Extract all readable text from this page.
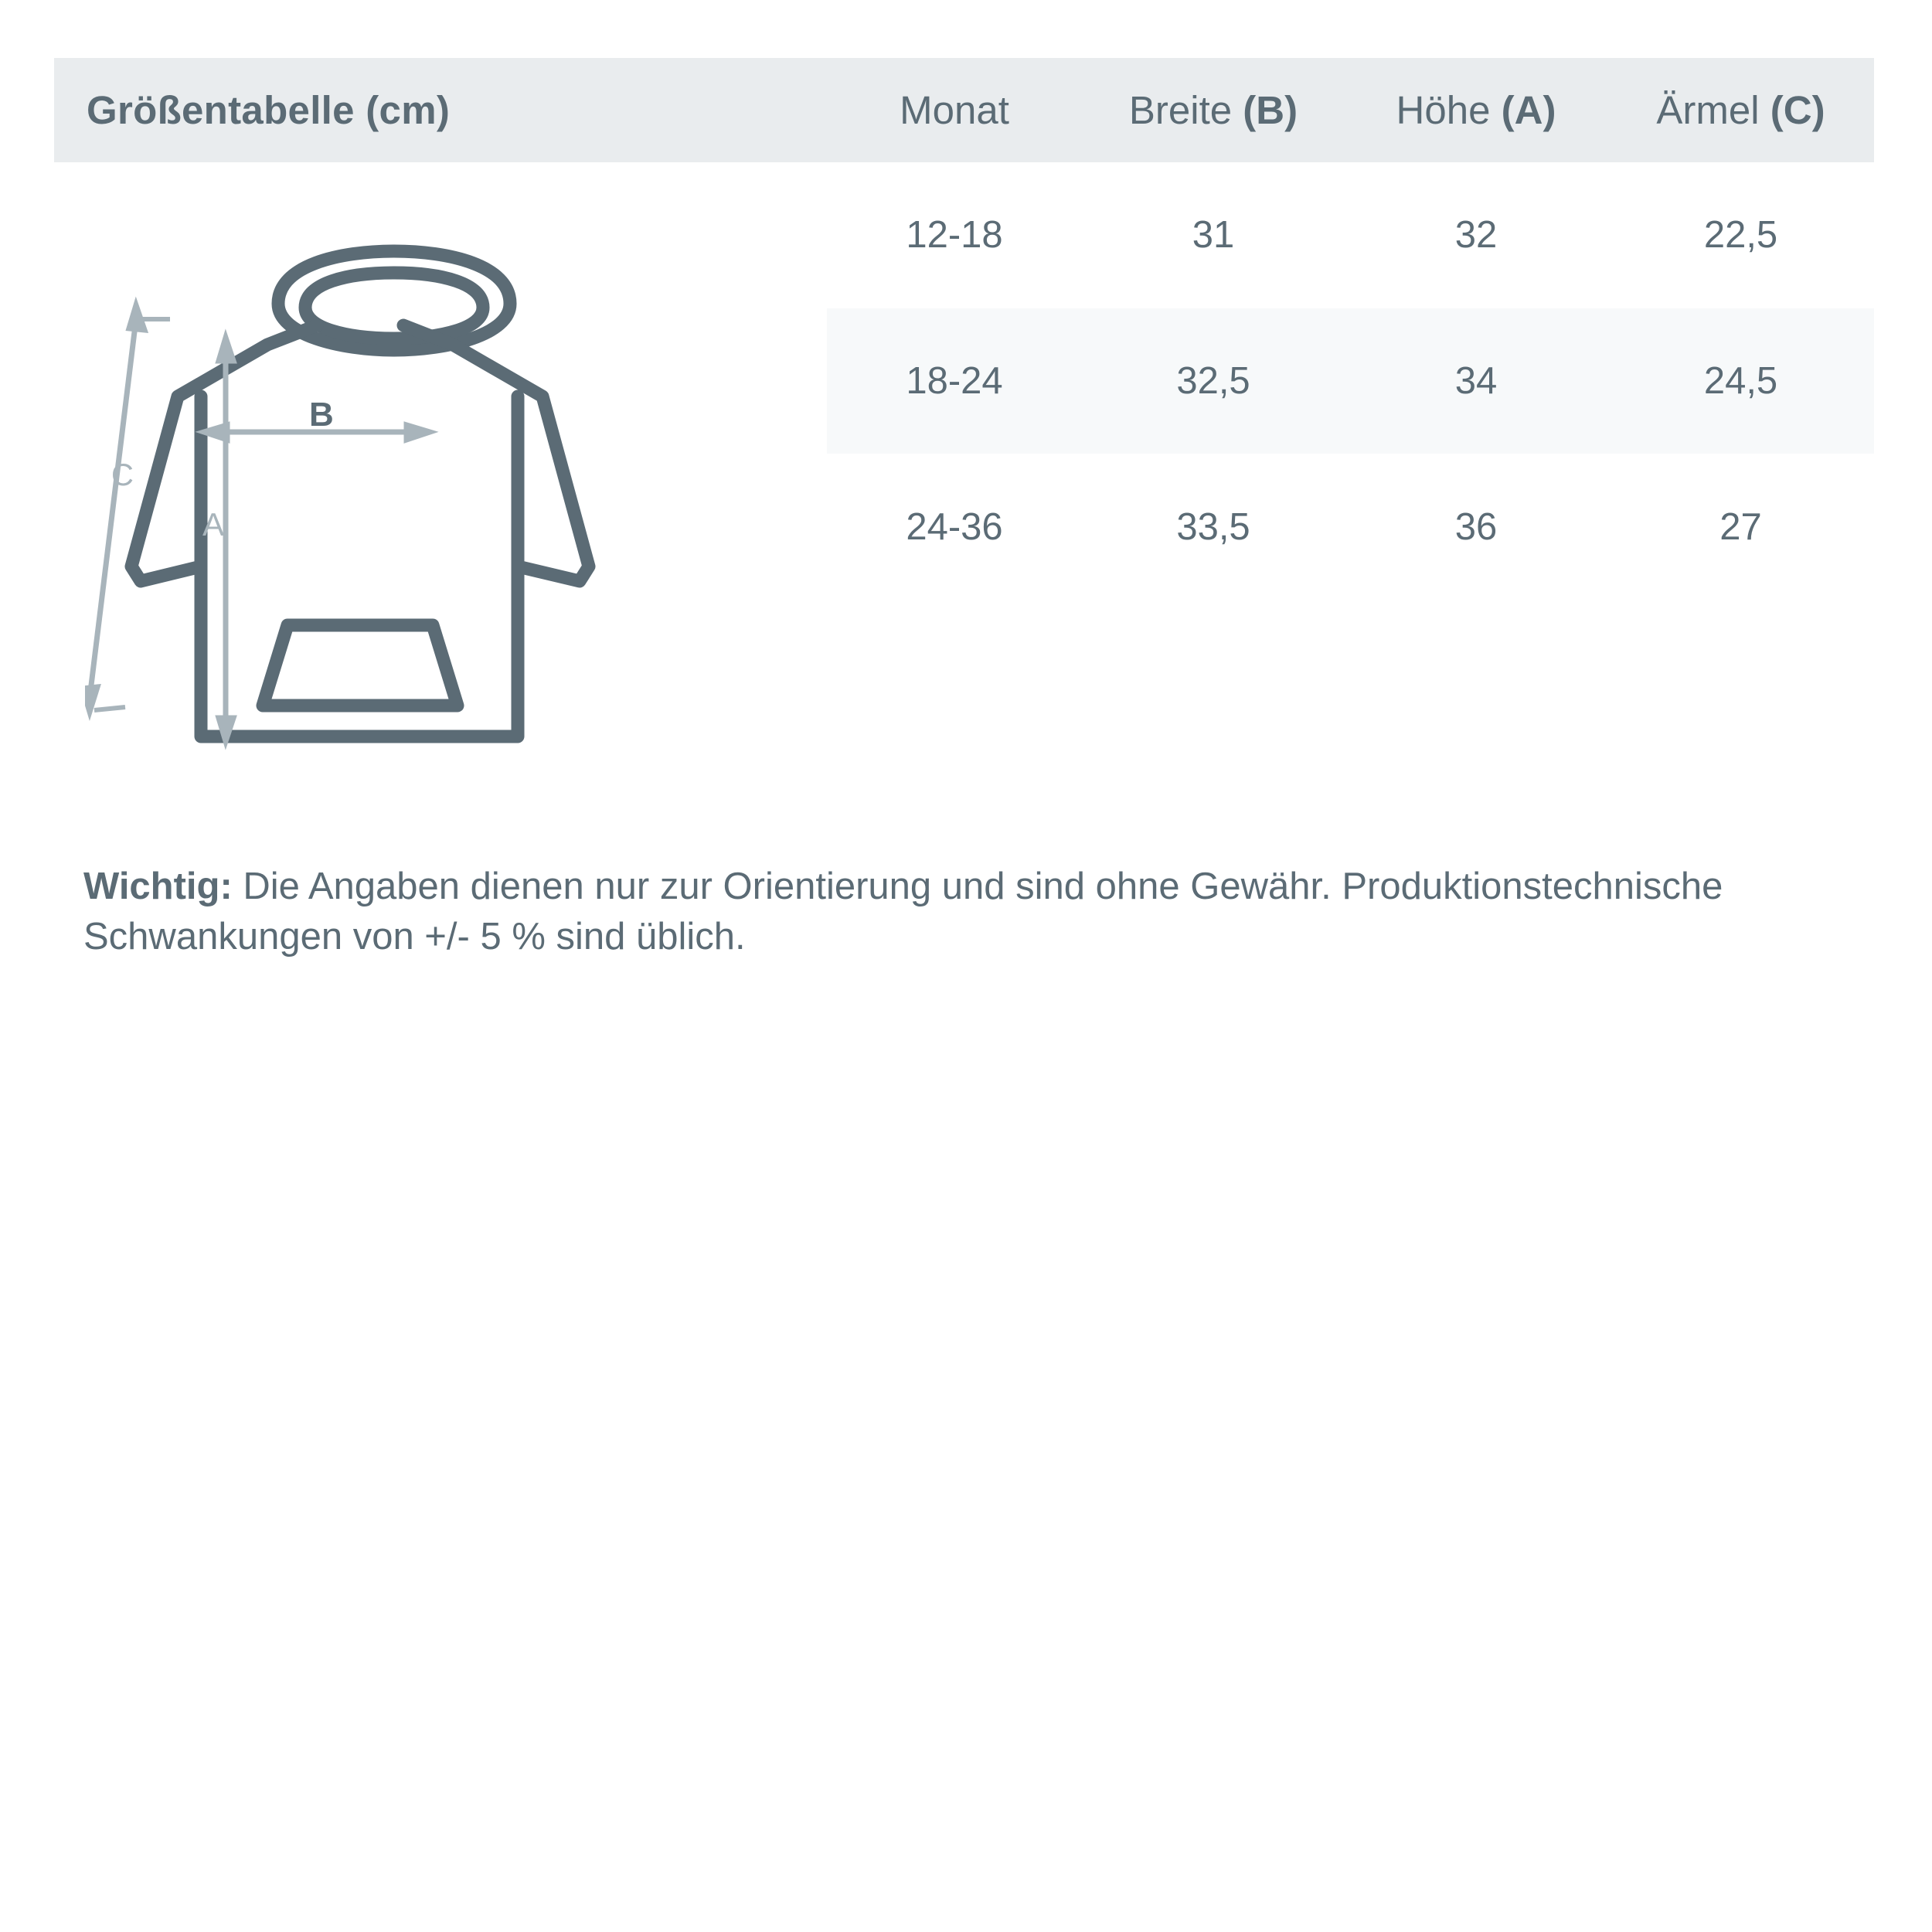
Größentabelle (cm)	Monat	Breite (B)	Höhe (A)	Ärmel (C)

C
B
A	12-18	31	32	22,5
	18-24	32,5	34	24,5
	24-36	33,5	36	27
Wichtig: Die Angaben dienen nur zur Orientierung und sind ohne Gewähr. Produktionstechnische Schwankungen von +/- 5 % sind üblich.
